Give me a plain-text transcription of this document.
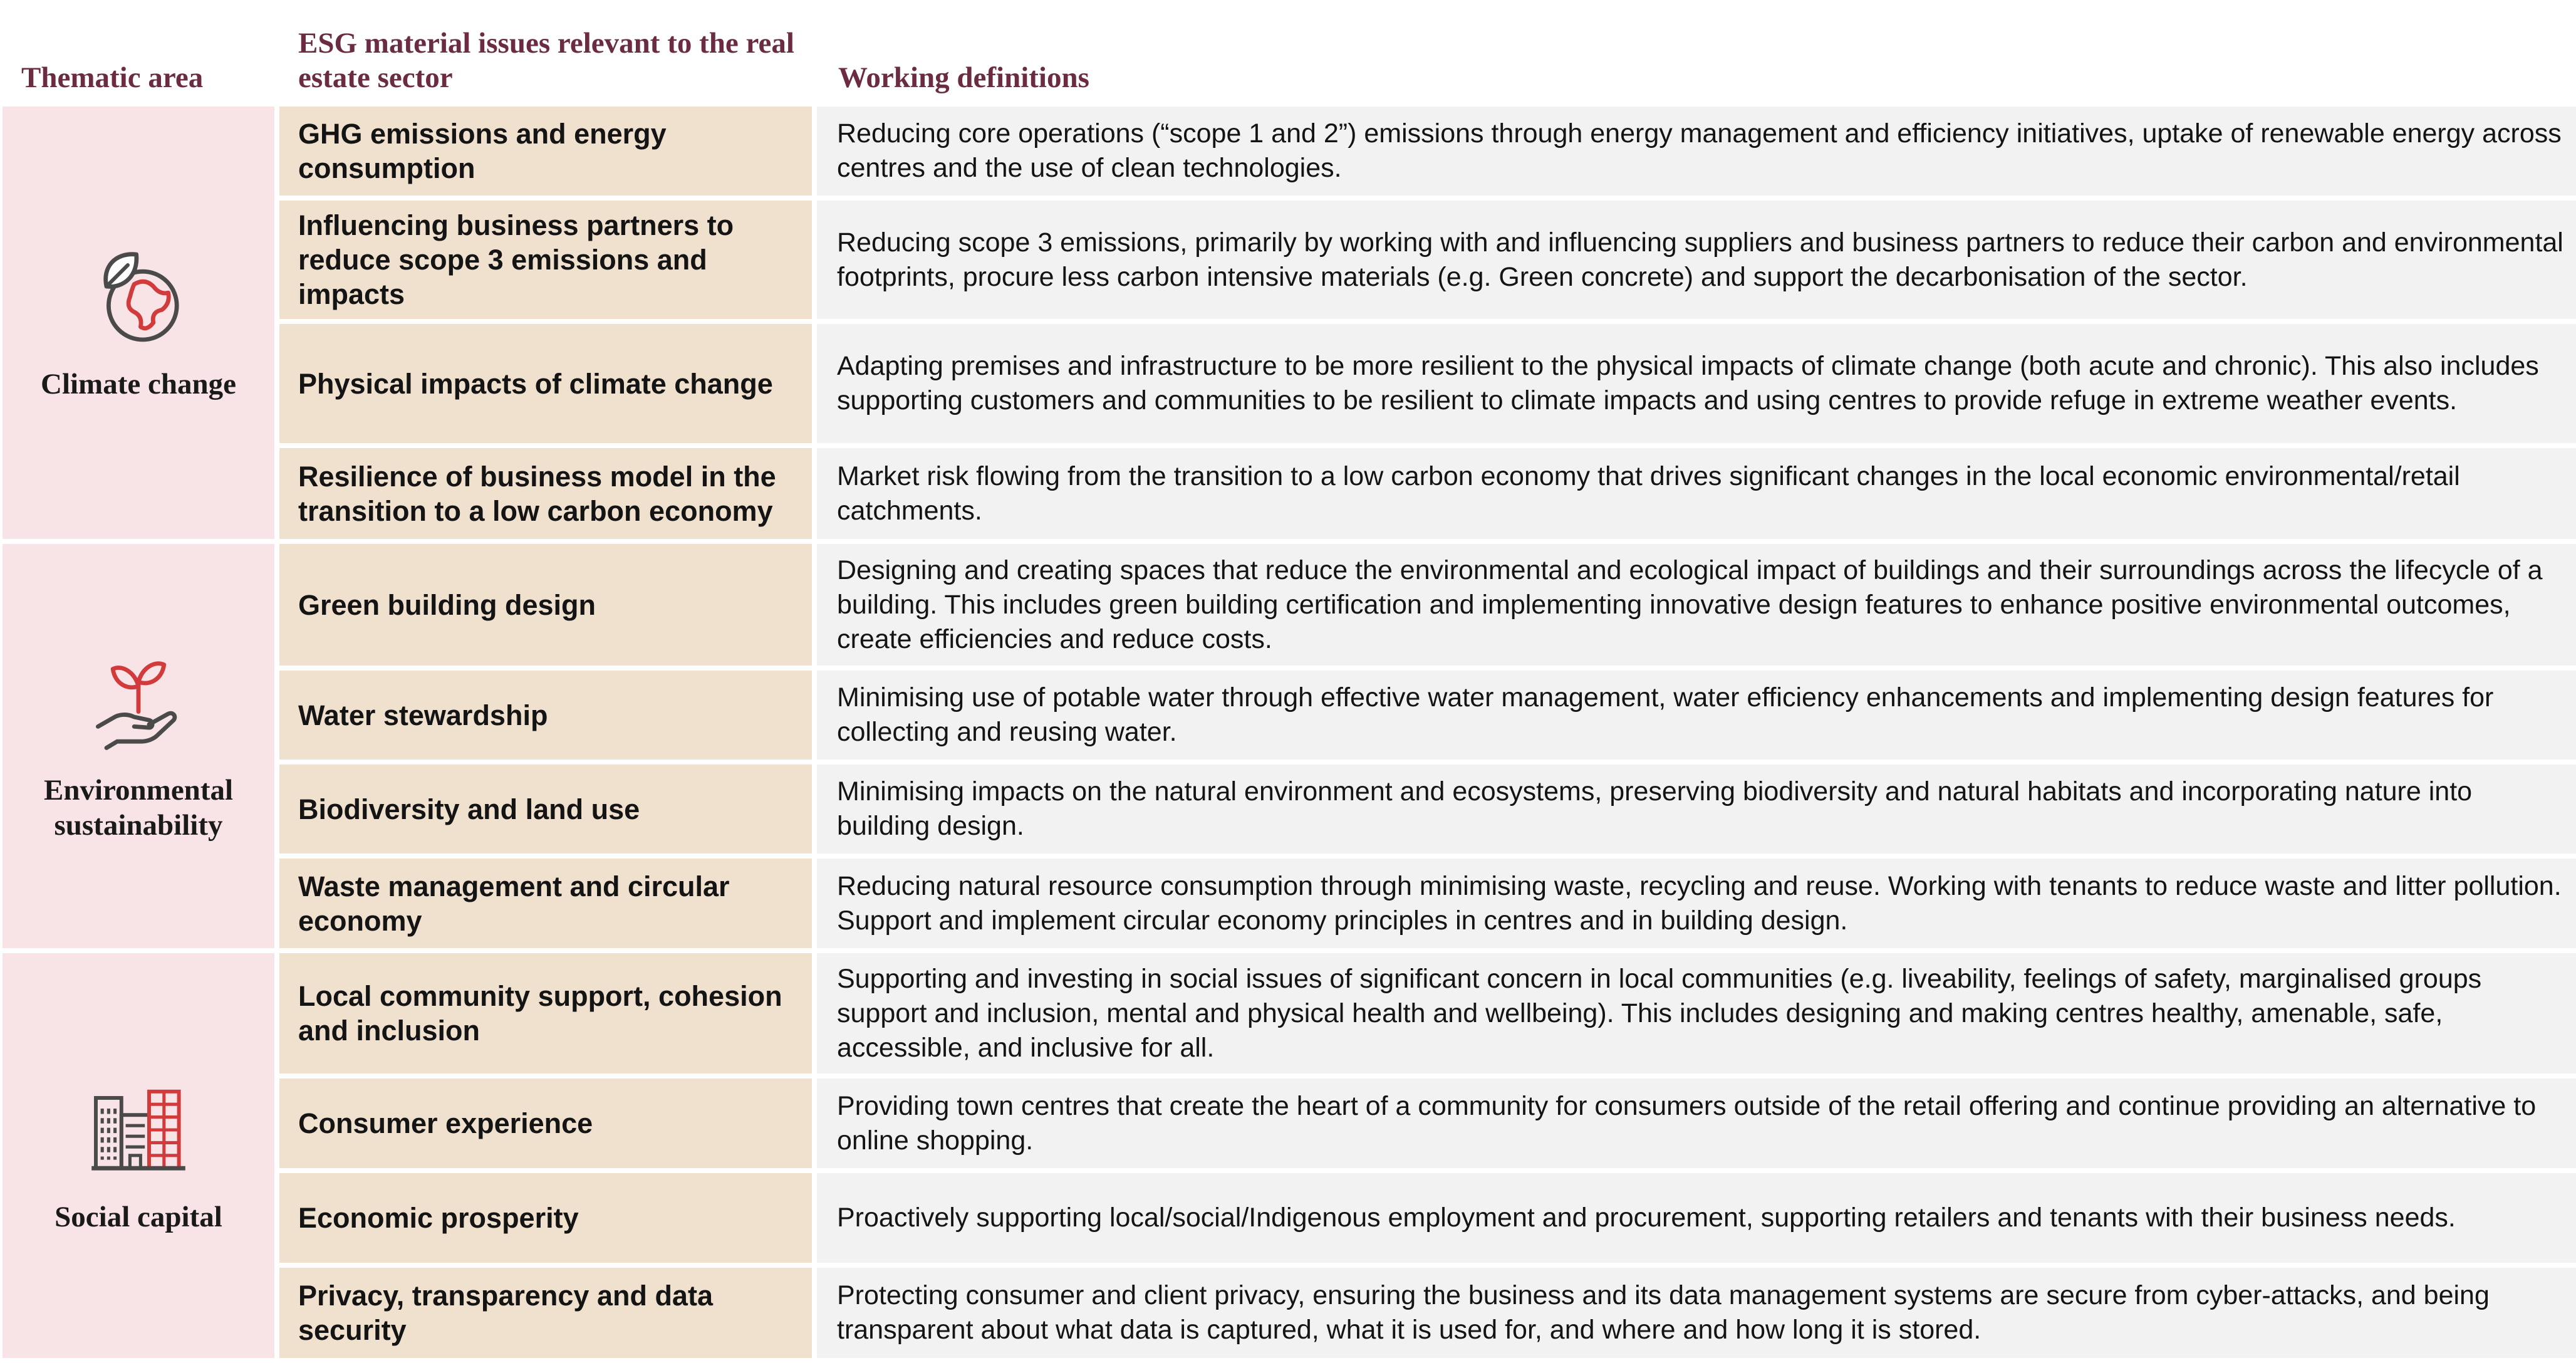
Thematic area	ESG material issues relevant to the real estate sector	Working definitions

Climate change	GHG emissions and energy consumption	Reducing core operations (“scope 1 and 2”) emissions through energy management and efficiency initiatives, uptake of renewable energy across centres and the use of clean technologies.
	Influencing business partners to reduce scope 3 emissions and impacts	Reducing scope 3 emissions, primarily by working with and influencing suppliers and business partners to reduce their carbon and environmental footprints, procure less carbon intensive materials (e.g. Green concrete) and support the decarbonisation of the sector.
	Physical impacts of climate change	Adapting premises and infrastructure to be more resilient to the physical impacts of climate change (both acute and chronic). This also includes supporting customers and communities to be resilient to climate impacts and using centres to provide refuge in extreme weather events.
	Resilience of business model in the transition to a low carbon economy	Market risk flowing from the transition to a low carbon economy that drives significant changes in the local economic environmental/retail catchments.

Environmental sustainability	Green building design	Designing and creating spaces that reduce the environmental and ecological impact of buildings and their surroundings across the lifecycle of a building. This includes green building certification and implementing innovative design features to enhance positive environmental outcomes, create efficiencies and reduce costs.
	Water stewardship	Minimising use of potable water through effective water management, water efficiency enhancements and implementing design features for collecting and reusing water.
	Biodiversity and land use	Minimising impacts on the natural environment and ecosystems, preserving biodiversity and natural habitats and incorporating nature into building design.
	Waste management and circular economy	Reducing natural resource consumption through minimising waste, recycling and reuse. Working with tenants to reduce waste and litter pollution. Support and implement circular economy principles in centres and in building design.

Social capital	Local community support, cohesion and inclusion	Supporting and investing in social issues of significant concern in local communities (e.g. liveability, feelings of safety, marginalised groups support and inclusion, mental and physical health and wellbeing). This includes designing and making centres healthy, amenable, safe, accessible, and inclusive for all.
	Consumer experience	Providing town centres that create the heart of a community for consumers outside of the retail offering and continue providing an alternative to online shopping.
	Economic prosperity	Proactively supporting local/social/Indigenous employment and procurement, supporting retailers and tenants with their business needs.
	Privacy, transparency and data security	Protecting consumer and client privacy, ensuring the business and its data management systems are secure from cyber-attacks, and being transparent about what data is captured, what it is used for, and where and how long it is stored.
